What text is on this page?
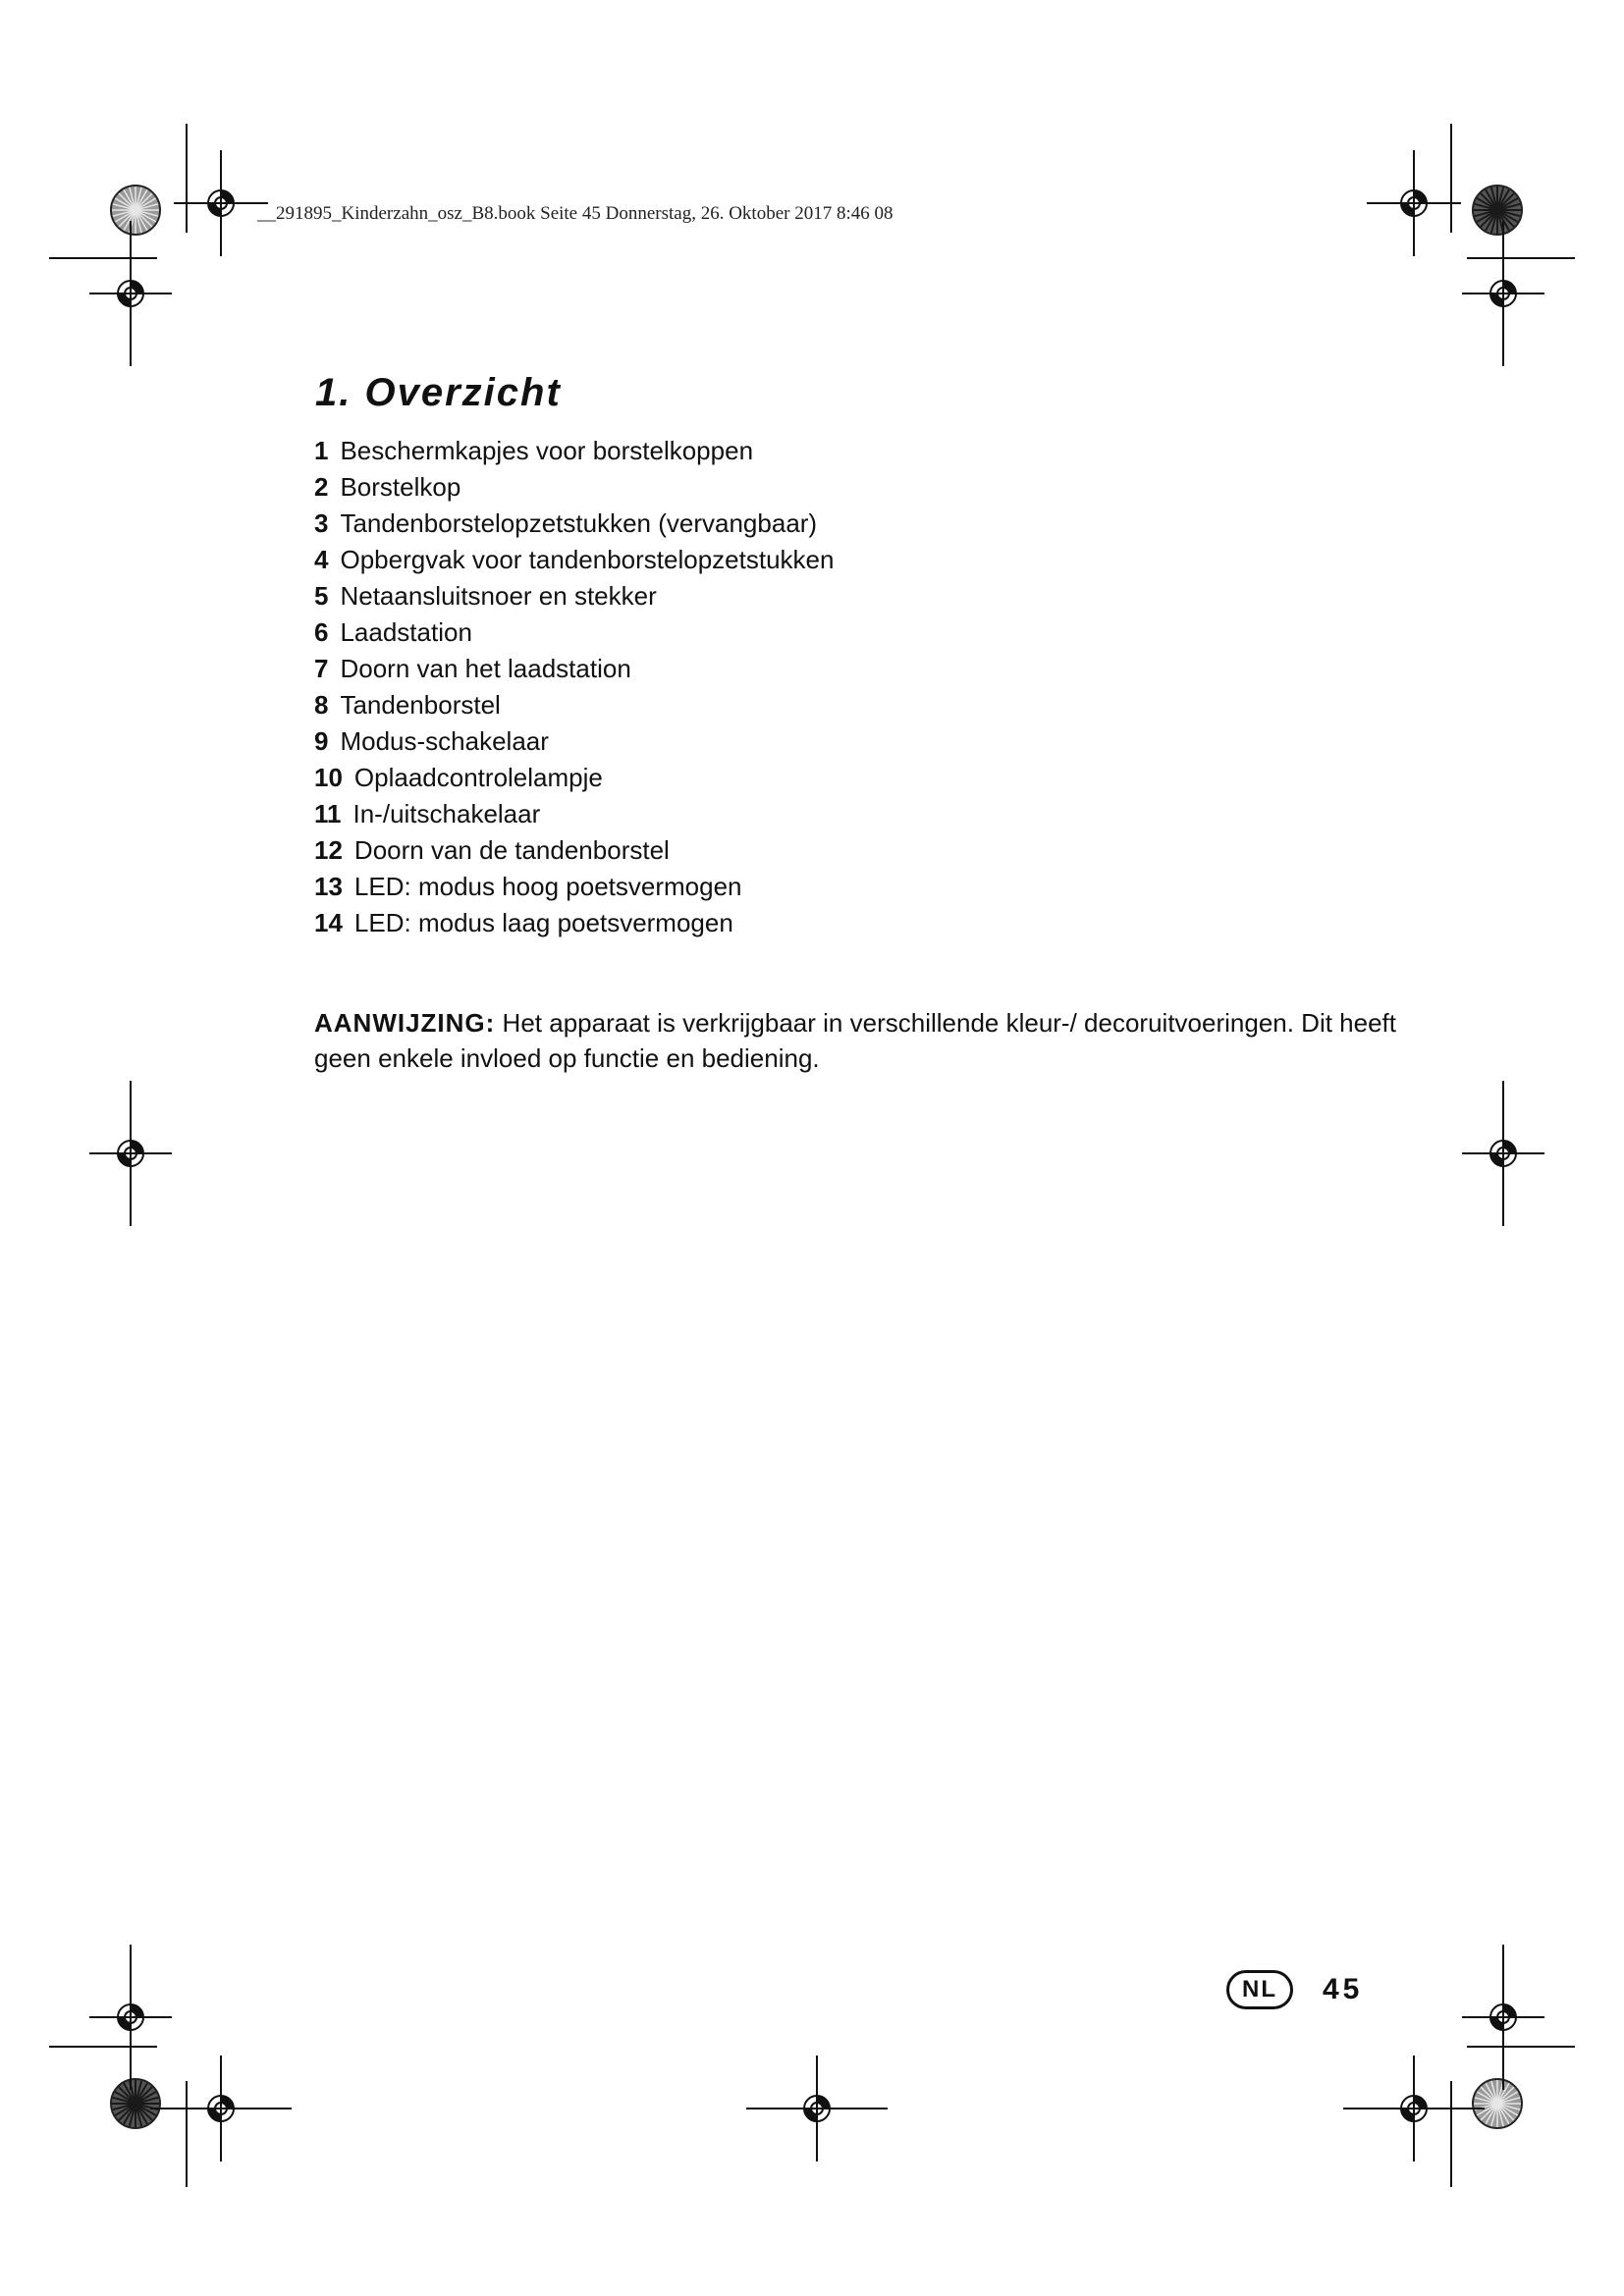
__291895_Kinderzahn_osz_B8.book Seite 45 Donnerstag, 26. Oktober 2017 8:46 08
1. Overzicht
1 Beschermkapjes voor borstelkoppen
2 Borstelkop
3 Tandenborstelopzetstukken (vervangbaar)
4 Opbergvak voor tandenborstelopzetstukken
5 Netaansluitsnoer en stekker
6 Laadstation
7 Doorn van het laadstation
8 Tandenborstel
9 Modus-schakelaar
10 Oplaadcontrolelampje
11 In-/uitschakelaar
12 Doorn van de tandenborstel
13 LED: modus hoog poetsvermogen
14 LED: modus laag poetsvermogen
AANWIJZING: Het apparaat is verkrijgbaar in verschillende kleur-/ decoruitvoeringen. Dit heeft geen enkele invloed op functie en bediening.
NL	45
